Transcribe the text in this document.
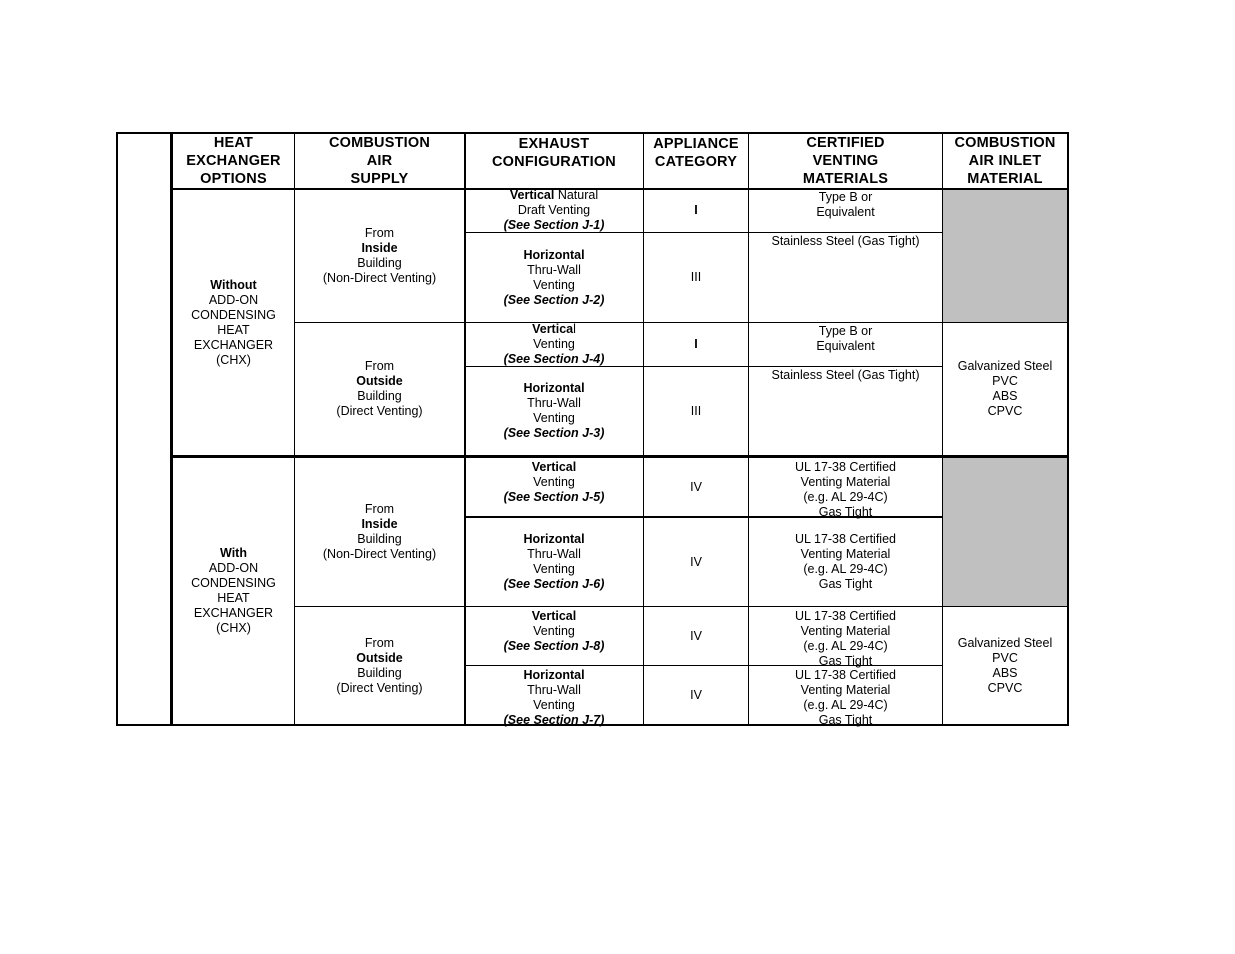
HEAT
EXCHANGER
OPTIONS
COMBUSTION
AIR
SUPPLY
EXHAUST
CONFIGURATION
APPLIANCE
CATEGORY
CERTIFIED
VENTING
MATERIALS
COMBUSTION
AIR INLET
MATERIAL
Without
ADD-ON
CONDENSING
HEAT
EXCHANGER
(CHX)
With
ADD-ON
CONDENSING
HEAT
EXCHANGER
(CHX)
From
Inside
Building
(Non-Direct Venting)
From
Outside
Building
(Direct Venting)
From
Inside
Building
(Non-Direct Venting)
From
Outside
Building
(Direct Venting)
Vertical Natural
Draft Venting
(See Section J-1)
I
Type B or
Equivalent
Horizontal
Thru-Wall
Venting
(See Section J-2)
III
Stainless Steel (Gas Tight)
Vertical
Venting
(See Section J-4)
I
Type B or
Equivalent
Horizontal
Thru-Wall
Venting
(See Section J-3)
III
Stainless Steel (Gas Tight)
Galvanized Steel
PVC
ABS
CPVC
Vertical
Venting
(See Section J-5)
IV
UL 17-38 Certified
Venting Material
(e.g. AL 29-4C)
Gas Tight
Horizontal
Thru-Wall
Venting
(See Section J-6)
IV
UL 17-38 Certified
Venting Material
(e.g. AL 29-4C)
Gas Tight
Vertical
Venting
(See Section J-8)
IV
UL 17-38 Certified
Venting Material
(e.g. AL 29-4C)
Gas Tight
Horizontal
Thru-Wall
Venting
(See Section J-7)
IV
UL 17-38 Certified
Venting Material
(e.g. AL 29-4C)
Gas Tight
Galvanized Steel
PVC
ABS
CPVC
